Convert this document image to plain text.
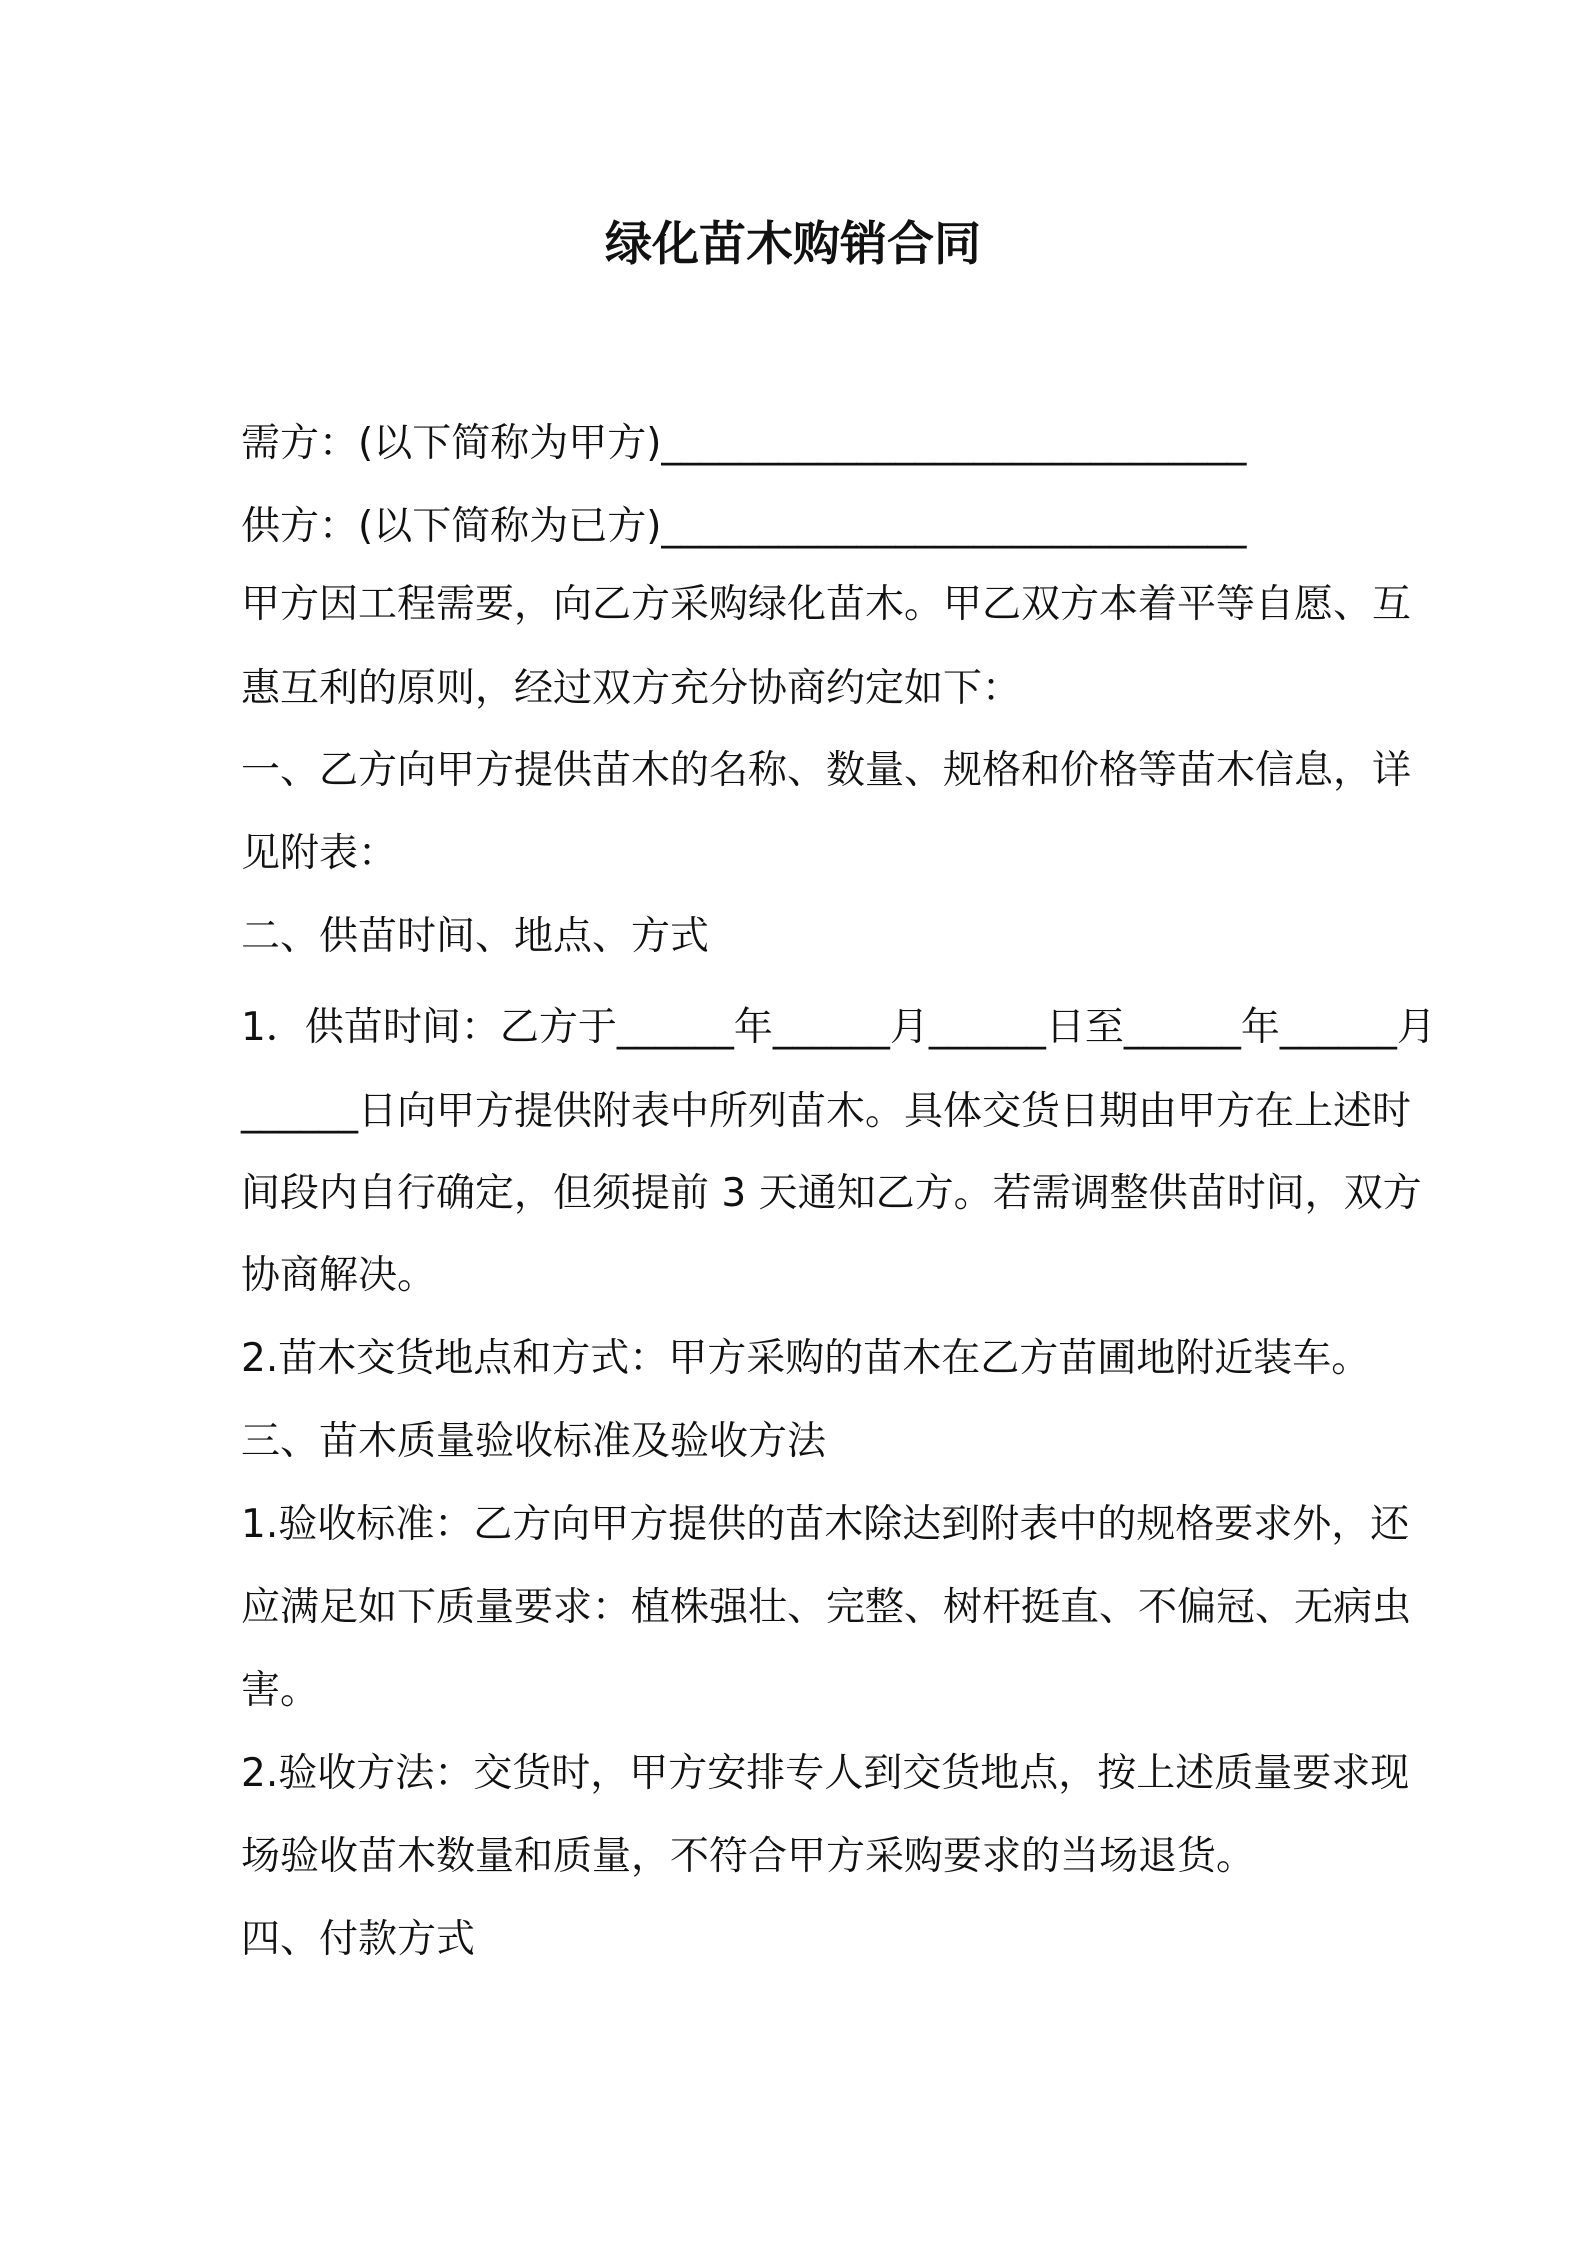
绿化苗木购销合同
需方：(以下简称为甲方)______________________________
供方：(以下简称为已方)______________________________
甲方因工程需要，向乙方采购绿化苗木。甲乙双方本着平等自愿、互
惠互利的原则，经过双方充分协商约定如下：
一、乙方向甲方提供苗木的名称、数量、规格和价格等苗木信息，详
见附表：
二、供苗时间、地点、方式
1．供苗时间：乙方于______年______月______日至______年______月
______日向甲方提供附表中所列苗木。具体交货日期由甲方在上述时
间段内自行确定，但须提前 3 天通知乙方。若需调整供苗时间，双方
协商解决。
2.苗木交货地点和方式：甲方采购的苗木在乙方苗圃地附近装车。
三、苗木质量验收标准及验收方法
1.验收标准：乙方向甲方提供的苗木除达到附表中的规格要求外，还
应满足如下质量要求：植株强壮、完整、树杆挺直、不偏冠、无病虫
害。
2.验收方法：交货时，甲方安排专人到交货地点，按上述质量要求现
场验收苗木数量和质量，不符合甲方采购要求的当场退货。
四、付款方式
